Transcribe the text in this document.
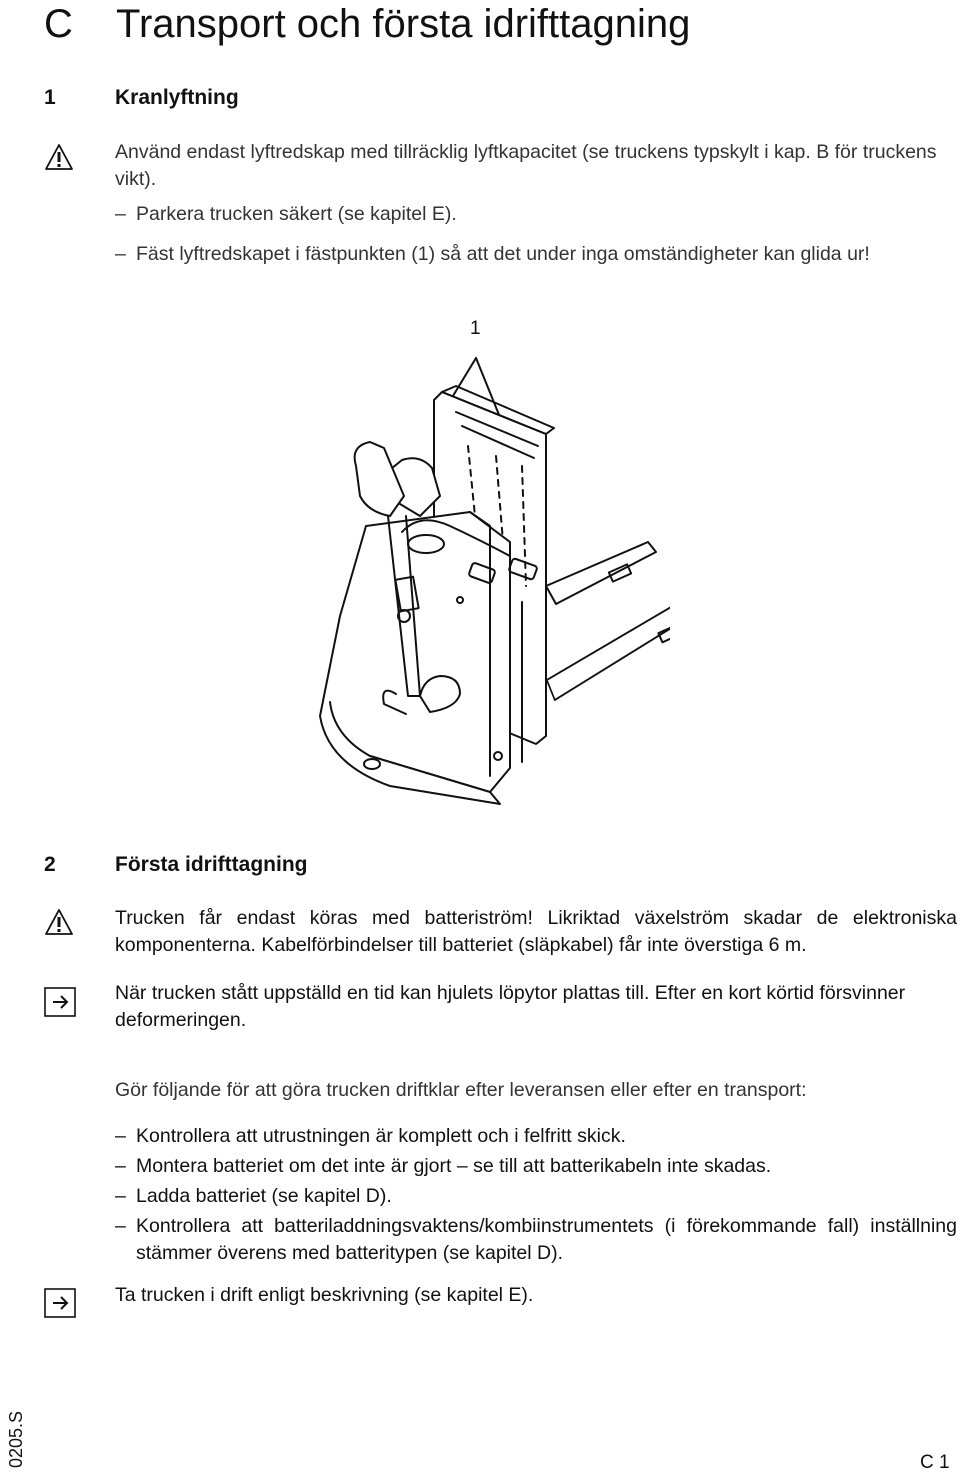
C Transport och första idrifttagning
1	Kranlyftning
Använd endast lyftredskap med tillräcklig lyftkapacitet (se truckens typskylt i kap. B för truckens vikt).
– Parkera trucken säkert (se kapitel E).
– Fäst lyftredskapet i fästpunkten (1) så att det under inga omständigheter kan glida ur!
1
2	Första idrifttagning
Trucken får endast köras med batteriström! Likriktad växelström skadar de elektroniska komponenterna. Kabelförbindelser till batteriet (släpkabel) får inte överstiga 6 m.
När trucken stått uppställd en tid kan hjulets löpytor plattas till. Efter en kort körtid försvinner deformeringen.
Gör följande för att göra trucken driftklar efter leveransen eller efter en transport:
– Kontrollera att utrustningen är komplett och i felfritt skick.
– Montera batteriet om det inte är gjort – se till att batterikabeln inte skadas.
– Ladda batteriet (se kapitel D).
– Kontrollera att batteriladdningsvaktens/kombiinstrumentets (i förekommande fall) inställning stämmer överens med batteritypen (se kapitel D).
Ta trucken i drift enligt beskrivning (se kapitel E).
0205.S	C 1
